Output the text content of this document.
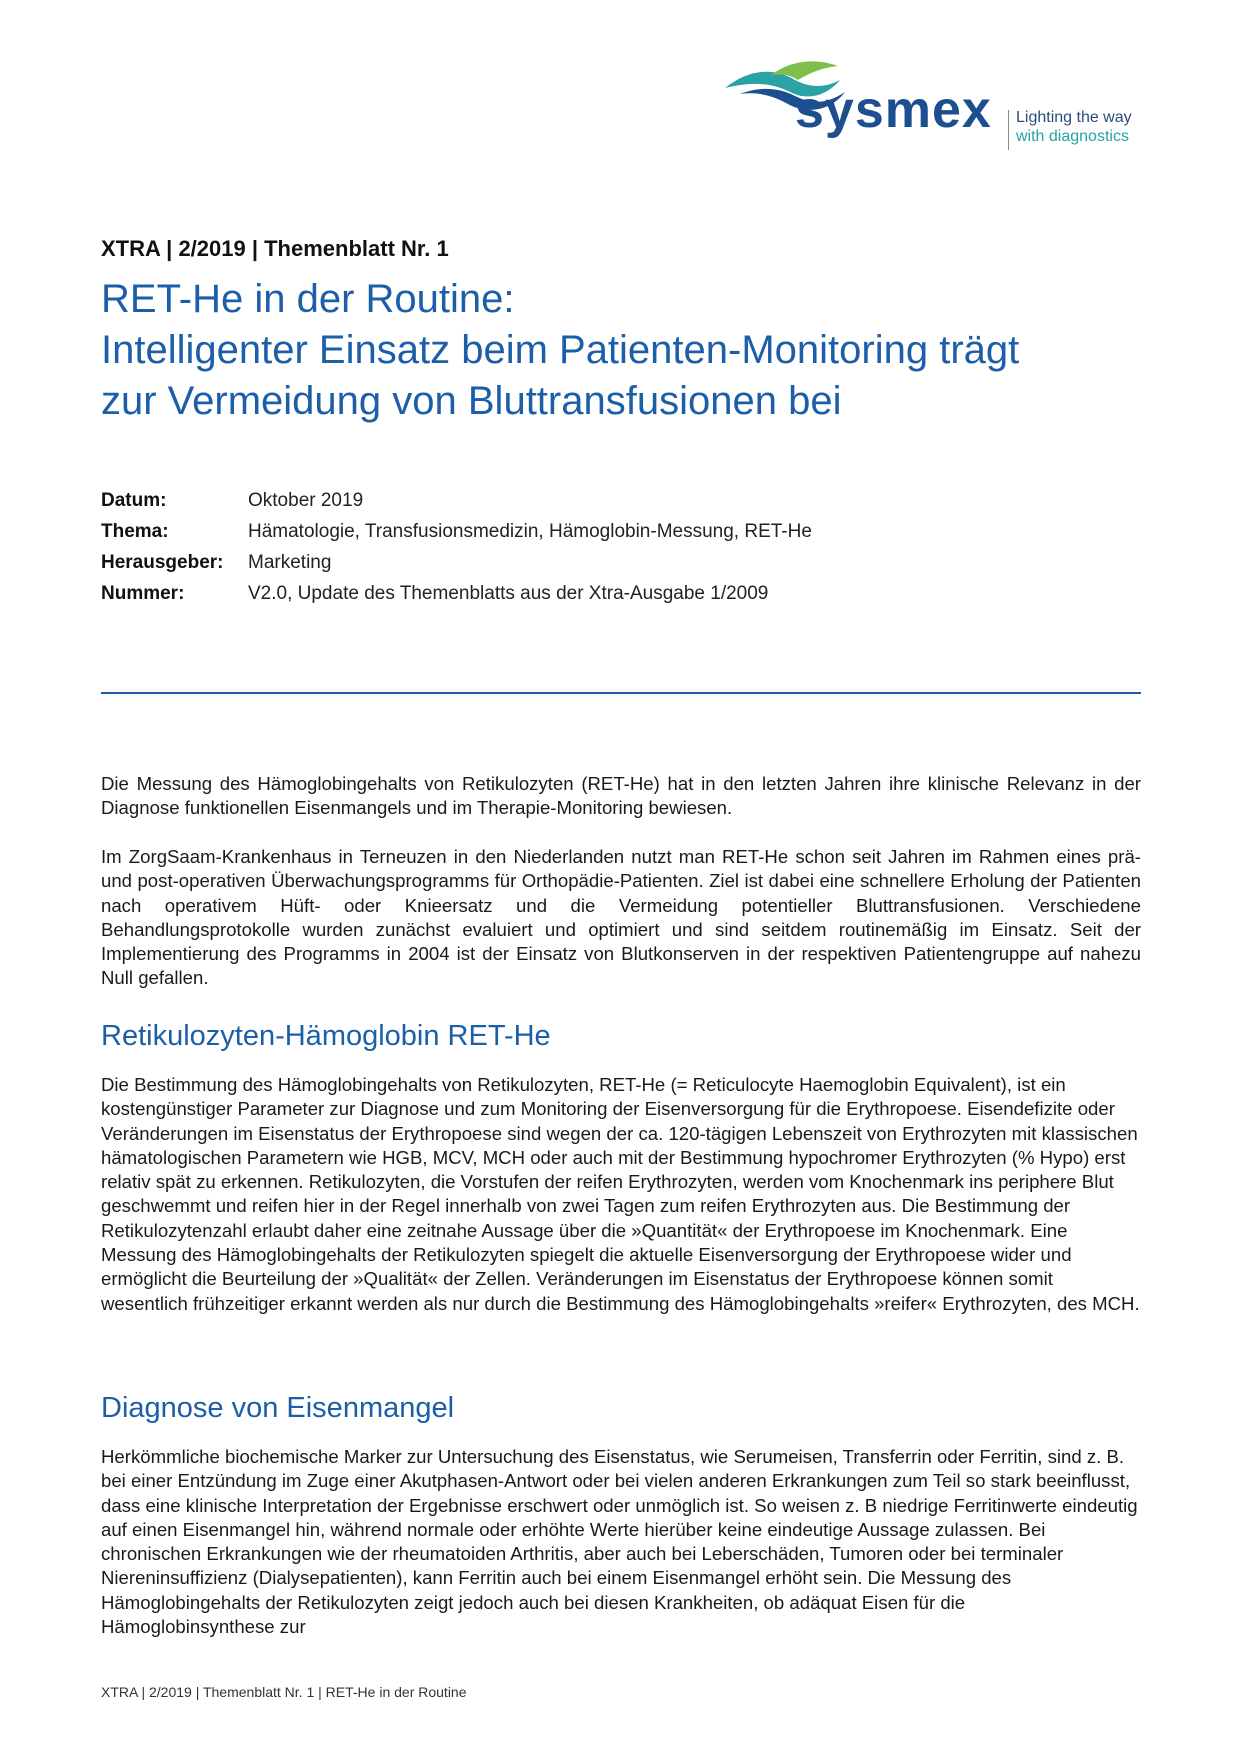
sysmex Lighting the way
with diagnostics
XTRA | 2/2019 | Themenblatt Nr. 1
RET-He in der Routine:
Intelligenter Einsatz beim Patienten-Monitoring trägt
zur Vermeidung von Bluttransfusionen bei
Datum:	Oktober 2019
Thema:	Hämatologie, Transfusionsmedizin, Hämoglobin-Messung, RET-He
Herausgeber: Marketing
Nummer:	V2.0, Update des Themenblatts aus der Xtra-Ausgabe 1/2009

Die Messung des Hämoglobingehalts von Retikulozyten (RET-He) hat in den letzten Jahren ihre klinische Relevanz in der Diagnose funktionellen Eisenmangels und im Therapie-Monitoring bewiesen.

Im ZorgSaam-Krankenhaus in Terneuzen in den Niederlanden nutzt man RET-He schon seit Jahren im Rahmen eines prä- und post-operativen Überwachungsprogramms für Orthopädie-Patienten. Ziel ist dabei eine schnellere Erholung der Patienten nach operativem Hüft- oder Knieersatz und die Vermeidung potentieller Bluttransfusionen. Verschiedene Behandlungsprotokolle wurden zunächst evaluiert und optimiert und sind seitdem routinemäßig im Einsatz. Seit der Implementierung des Programms in 2004 ist der Einsatz von Blutkonserven in der respektiven Patientengruppe auf nahezu Null gefallen.

Retikulozyten-Hämoglobin RET-He

Die Bestimmung des Hämoglobingehalts von Retikulozyten, RET-He (= Reticulocyte Haemoglobin Equivalent), ist ein kostengünstiger Parameter zur Diagnose und zum Monitoring der Eisenversorgung für die Erythropoese. Eisendefizite oder Veränderungen im Eisenstatus der Erythropoese sind wegen der ca. 120-tägigen Lebenszeit von Erythrozyten mit klassischen hämatologischen Parametern wie HGB, MCV, MCH oder auch mit der Bestimmung hypochromer Erythrozyten (% Hypo) erst relativ spät zu erkennen. Retikulozyten, die Vorstufen der reifen Erythrozyten, werden vom Knochenmark ins periphere Blut geschwemmt und reifen hier in der Regel innerhalb von zwei Tagen zum reifen Erythrozyten aus. Die Bestimmung der Retikulozytenzahl erlaubt daher eine zeitnahe Aussage über die »Quantität« der Erythropoese im Knochenmark. Eine Messung des Hämoglobingehalts der Retikulozyten spiegelt die aktuelle Eisenversorgung der Erythropoese wider und ermöglicht die Beurteilung der »Qualität« der Zellen. Veränderungen im Eisenstatus der Erythropoese können somit wesentlich frühzeitiger erkannt werden als nur durch die Bestimmung des Hämoglobingehalts »reifer« Erythrozyten, des MCH.

Diagnose von Eisenmangel

Herkömmliche biochemische Marker zur Untersuchung des Eisenstatus, wie Serumeisen, Transferrin oder Ferritin, sind z. B. bei einer Entzündung im Zuge einer Akutphasen-Antwort oder bei vielen anderen Erkrankungen zum Teil so stark beeinflusst, dass eine klinische Interpretation der Ergebnisse erschwert oder unmöglich ist. So weisen z. B niedrige Ferritinwerte eindeutig auf einen Eisenmangel hin, während normale oder erhöhte Werte hierüber keine eindeutige Aussage zulassen. Bei chronischen Erkrankungen wie der rheumatoiden Arthritis, aber auch bei Leberschäden, Tumoren oder bei terminaler Niereninsuffizienz (Dialysepatienten), kann Ferritin auch bei einem Eisenmangel erhöht sein. Die Messung des Hämoglobingehalts der Retikulozyten zeigt jedoch auch bei diesen Krankheiten, ob adäquat Eisen für die Hämoglobinsynthese zur

XTRA | 2/2019 | Themenblatt Nr. 1 | RET-He in der Routine
